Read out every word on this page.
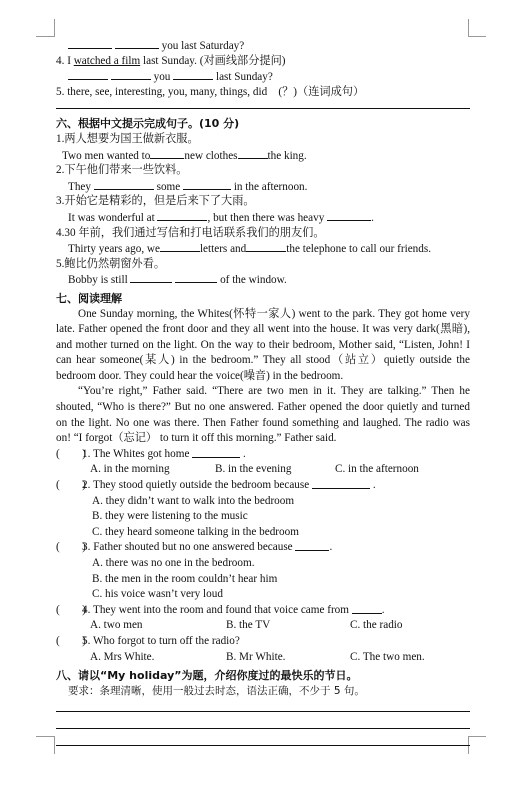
you last Saturday?
4. I watched a film last Sunday. (对画线部分提问)
you	last Sunday?
5. there, see, interesting, you, many, things, did　(？)（连词成句）
六、根据中文提示完成句子。(10 分)
1.两人想要为国王做新衣服。
Two men wanted to	new clothes	the king.
2.下午他们带来一些饮料。
They	some	in the afternoon.
3.开始它是精彩的，但是后来下了大雨。
It was wonderful at	, but then there was heavy	.
4.30 年前，我们通过写信和打电话联系我们的朋友们。
Thirty years ago, we	letters and	the telephone to call our friends.
5.鲍比仍然朝窗外看。
Bobby is still	of the window.
七、阅读理解

One Sunday morning, the Whites(怀特一家人) went to the park. They got home very late. Father opened the front door and they all went into the house. It was very dark(黑暗), and mother turned on the light. On the way to their bedroom, Mother said, “Listen, John! I can hear someone(某人) in the bedroom.” They all stood（站立）quietly outside the bedroom door. They could hear the voice(噪音) in the bedroom.

“You’re right,” Father said. “There are two men in it. They are talking.” Then he shouted, “Who is there?” But no one answered. Father opened the door quietly and turned on the light. No one was there. Then Father found something and laughed. The radio was on! “I forgot（忘记） to turn it off this morning.” Father said.

(　　)
1. The Whites got home

	.
A. in the morning	B. in the evening	C. in the afternoon
(　　)
2. They stood quietly outside the bedroom because

	.
A. they didn’t want to walk into the bedroom
B. they were listening to the music
C. they heard someone talking in the bedroom
(　　)
3. Father shouted but no one answered because
	.
A. there was no one in the bedroom.
B. the men in the room couldn’t hear him
C. his voice wasn’t very loud
(　　)
4. They went into the room and found that voice came from
	.
A. two men	B. the TV	C. the radio
(　　)
5. Who forgot to turn off the radio?
A. Mrs White.	B. Mr White.	C. The two men.
八、请以“My holiday”为题，介绍你度过的最快乐的节日。
要求：条理清晰，使用一般过去时态，语法正确，不少于 5 句。
